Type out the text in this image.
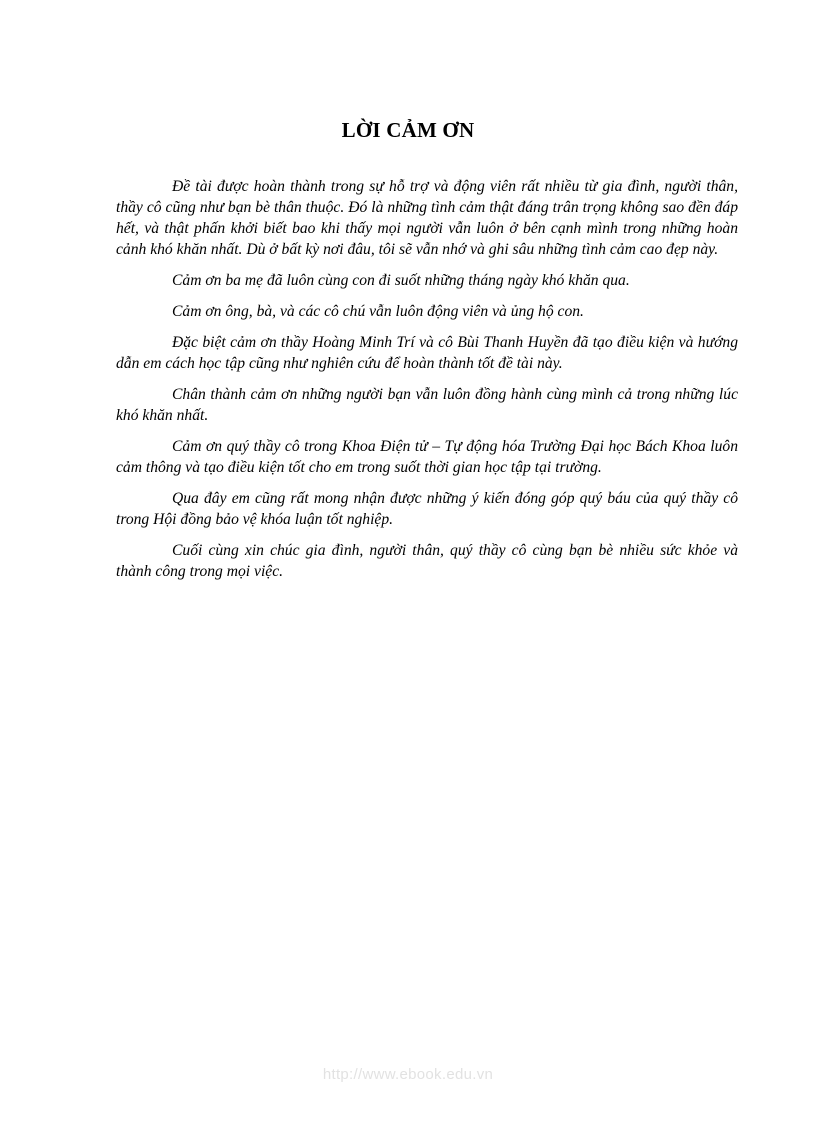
LỜI CẢM ƠN

Đề tài được hoàn thành trong sự hỗ trợ và động viên rất nhiều từ gia đình, người thân, thầy cô cũng như bạn bè thân thuộc. Đó là những tình cảm thật đáng trân trọng không sao đền đáp hết, và thật phấn khởi biết bao khi thấy mọi người vẫn luôn ở bên cạnh mình trong những hoàn cảnh khó khăn nhất. Dù ở bất kỳ nơi đâu, tôi sẽ vẫn nhớ và ghi sâu những tình cảm cao đẹp này.

Cảm ơn ba mẹ đã luôn cùng con đi suốt những tháng ngày khó khăn qua.

Cảm ơn ông, bà, và các cô chú vẫn luôn động viên và ủng hộ con.

Đặc biệt cảm ơn thầy Hoàng Minh Trí và cô Bùi Thanh Huyền đã tạo điều kiện và hướng dẫn em cách học tập cũng như nghiên cứu để hoàn thành tốt đề tài này.

Chân thành cảm ơn những người bạn vẫn luôn đồng hành cùng mình cả trong những lúc khó khăn nhất.

Cảm ơn quý thầy cô trong Khoa Điện tử – Tự động hóa Trường Đại học Bách Khoa luôn cảm thông và tạo điều kiện tốt cho em trong suốt thời gian học tập tại trường.

Qua đây em cũng rất mong nhận được những ý kiến đóng góp quý báu của quý thầy cô trong Hội đồng bảo vệ khóa luận tốt nghiệp.

Cuối cùng xin chúc gia đình, người thân, quý thầy cô cùng bạn bè nhiều sức khỏe và thành công trong mọi việc.

http://www.ebook.edu.vn
